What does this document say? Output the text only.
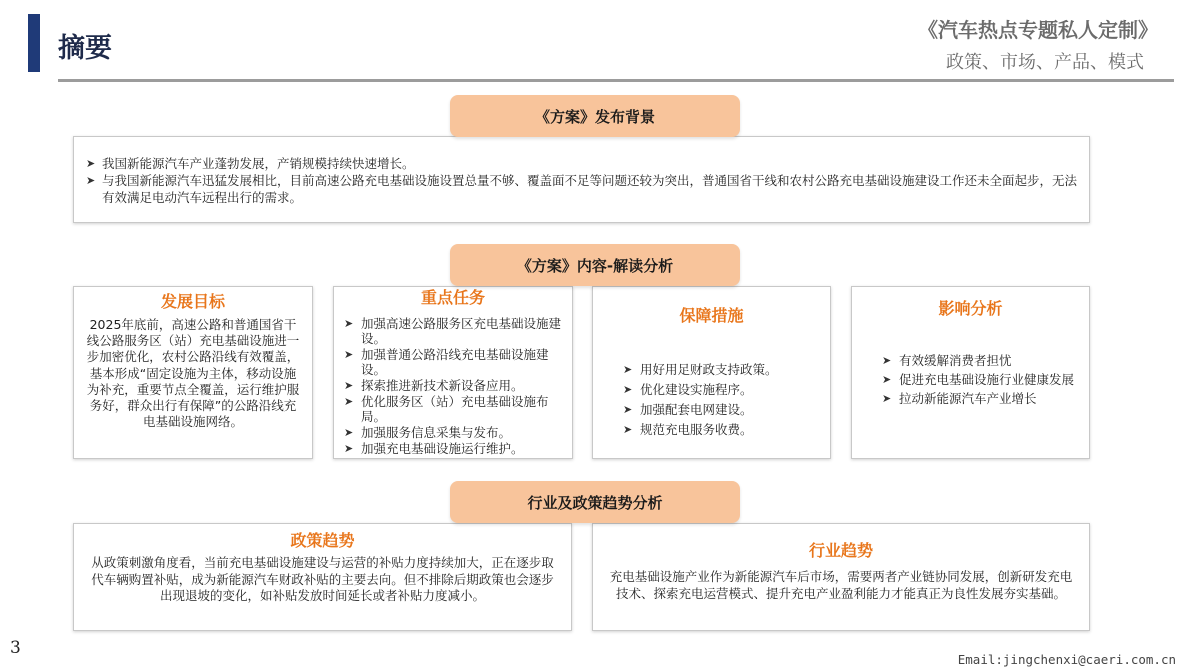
摘要
《汽车热点专题私人定制》
政策、市场、产品、模式
《方案》发布背景
➤ 我国新能源汽车产业蓬勃发展，产销规模持续快速增长。
➤ 与我国新能源汽车迅猛发展相比，目前高速公路充电基础设施设置总量不够、覆盖面不足等问题还较为突出，普通国省干线和农村公路充电基础设施建设工作还未全面起步，无法有效满足电动汽车远程出行的需求。
《方案》内容-解读分析
发展目标
2025年底前，高速公路和普通国省干线公路服务区（站）充电基础设施进一步加密优化，农村公路沿线有效覆盖，基本形成“固定设施为主体，移动设施为补充，重要节点全覆盖，运行维护服务好，群众出行有保障”的公路沿线充电基础设施网络。
重点任务
➤ 加强高速公路服务区充电基础设施建设。
➤ 加强普通公路沿线充电基础设施建设。
➤ 探索推进新技术新设备应用。
➤ 优化服务区（站）充电基础设施布局。
➤ 加强服务信息采集与发布。
➤ 加强充电基础设施运行维护。
保障措施
➤ 用好用足财政支持政策。
➤ 优化建设实施程序。
➤ 加强配套电网建设。
➤ 规范充电服务收费。
影响分析
➤ 有效缓解消费者担忧
➤ 促进充电基础设施行业健康发展
➤ 拉动新能源汽车产业增长
行业及政策趋势分析
政策趋势
从政策刺激角度看，当前充电基础设施建设与运营的补贴力度持续加大，正在逐步取代车辆购置补贴，成为新能源汽车财政补贴的主要去向。但不排除后期政策也会逐步出现退坡的变化，如补贴发放时间延长或者补贴力度减小。
行业趋势
充电基础设施产业作为新能源汽车后市场，需要两者产业链协同发展，创新研发充电技术、探索充电运营模式、提升充电产业盈利能力才能真正为良性发展夯实基础。
3
Email:jingchenxi@caeri.com.cn
